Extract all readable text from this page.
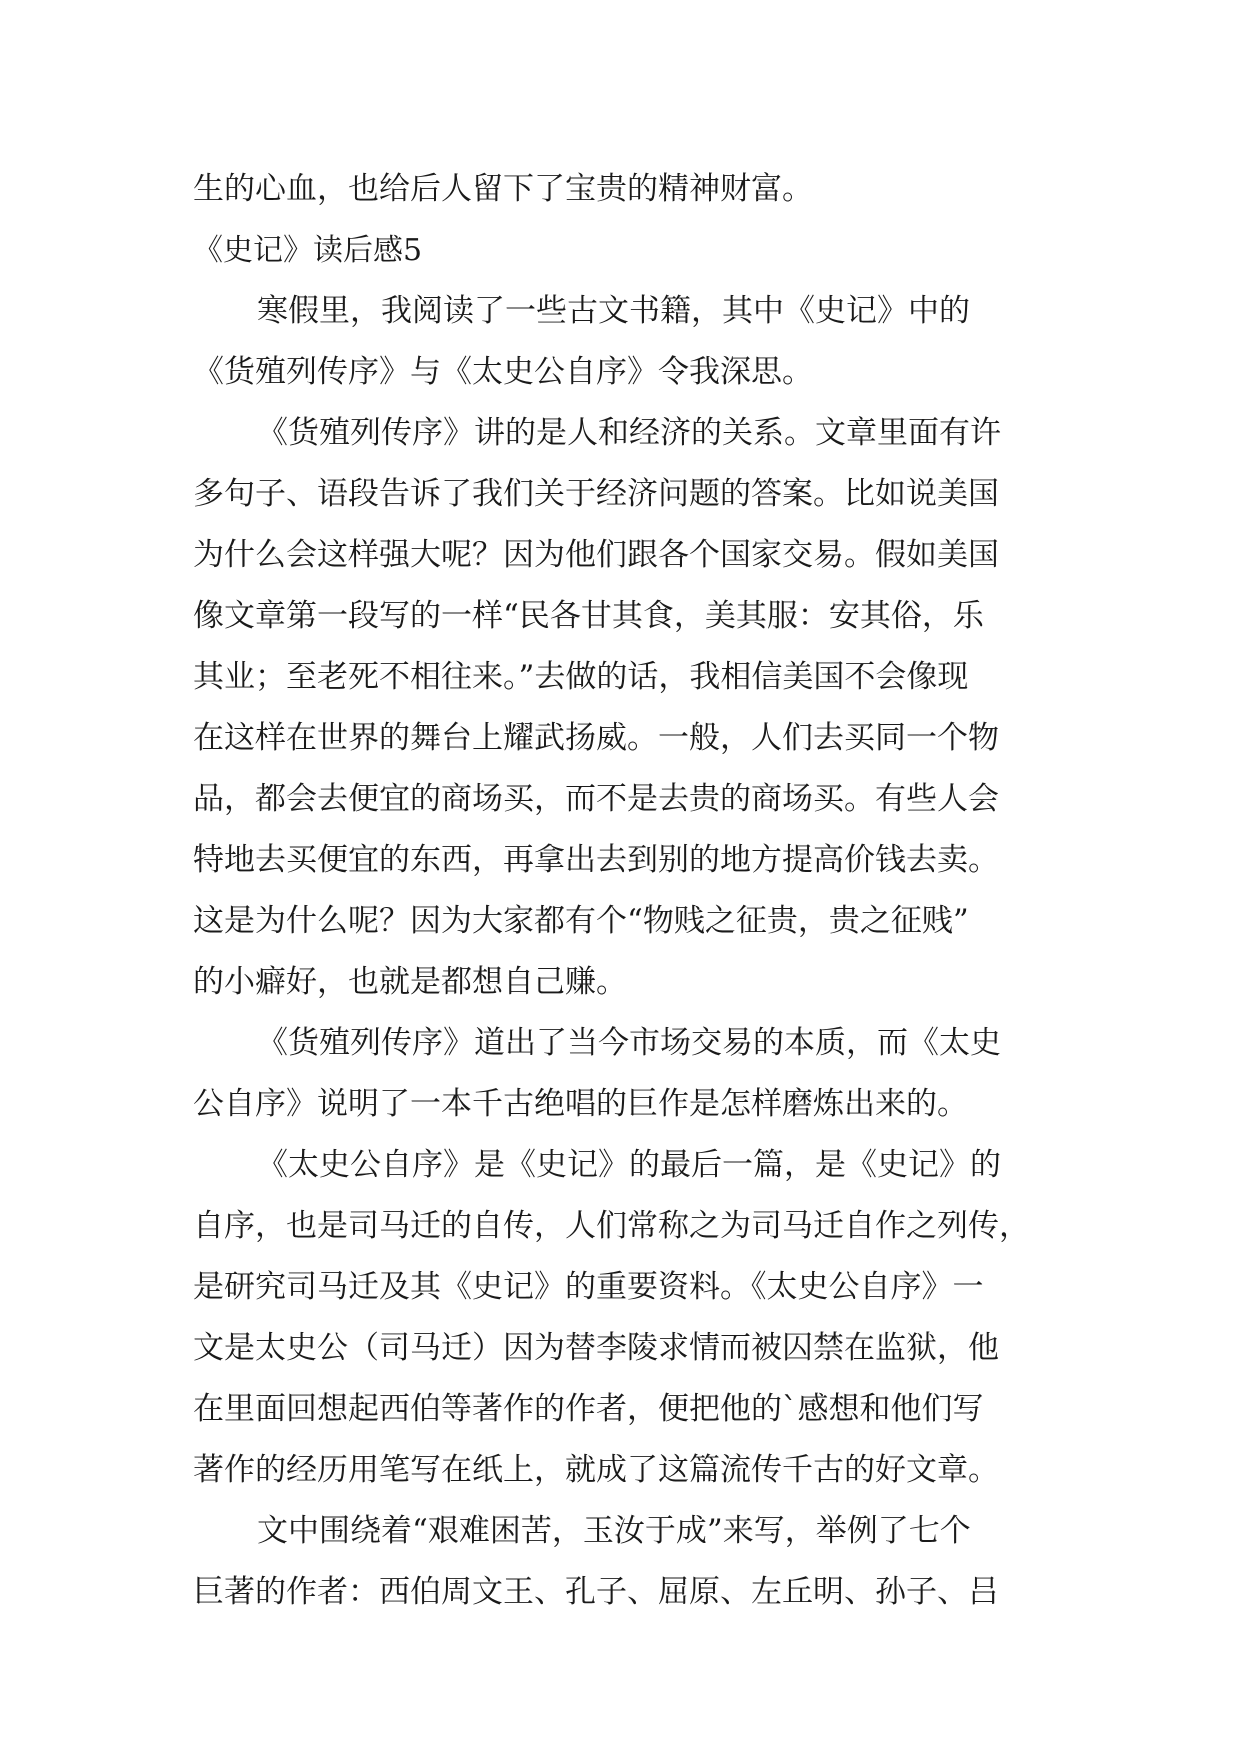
生的心血，也给后人留下了宝贵的精神财富。
《史记》读后感5
寒假里，我阅读了一些古文书籍，其中《史记》中的
《货殖列传序》与《太史公自序》令我深思。
《货殖列传序》讲的是人和经济的关系。文章里面有许
多句子、语段告诉了我们关于经济问题的答案。比如说美国
为什么会这样强大呢？因为他们跟各个国家交易。假如美国
像文章第一段写的一样“民各甘其食，美其服：安其俗，乐
其业；至老死不相往来。”去做的话，我相信美国不会像现
在这样在世界的舞台上耀武扬威。一般，人们去买同一个物
品，都会去便宜的商场买，而不是去贵的商场买。有些人会
特地去买便宜的东西，再拿出去到别的地方提高价钱去卖。
这是为什么呢？因为大家都有个“物贱之征贵，贵之征贱”
的小癖好，也就是都想自己赚。
《货殖列传序》道出了当今市场交易的本质，而《太史
公自序》说明了一本千古绝唱的巨作是怎样磨炼出来的。
《太史公自序》是《史记》的最后一篇，是《史记》的
自序，也是司马迁的自传，人们常称之为司马迁自作之列传，
是研究司马迁及其《史记》的重要资料。《太史公自序》一
文是太史公（司马迁）因为替李陵求情而被囚禁在监狱，他
在里面回想起西伯等著作的作者，便把他的`感想和他们写
著作的经历用笔写在纸上，就成了这篇流传千古的好文章。
文中围绕着“艰难困苦，玉汝于成”来写，举例了七个
巨著的作者：西伯周文王、孔子、屈原、左丘明、孙子、吕
